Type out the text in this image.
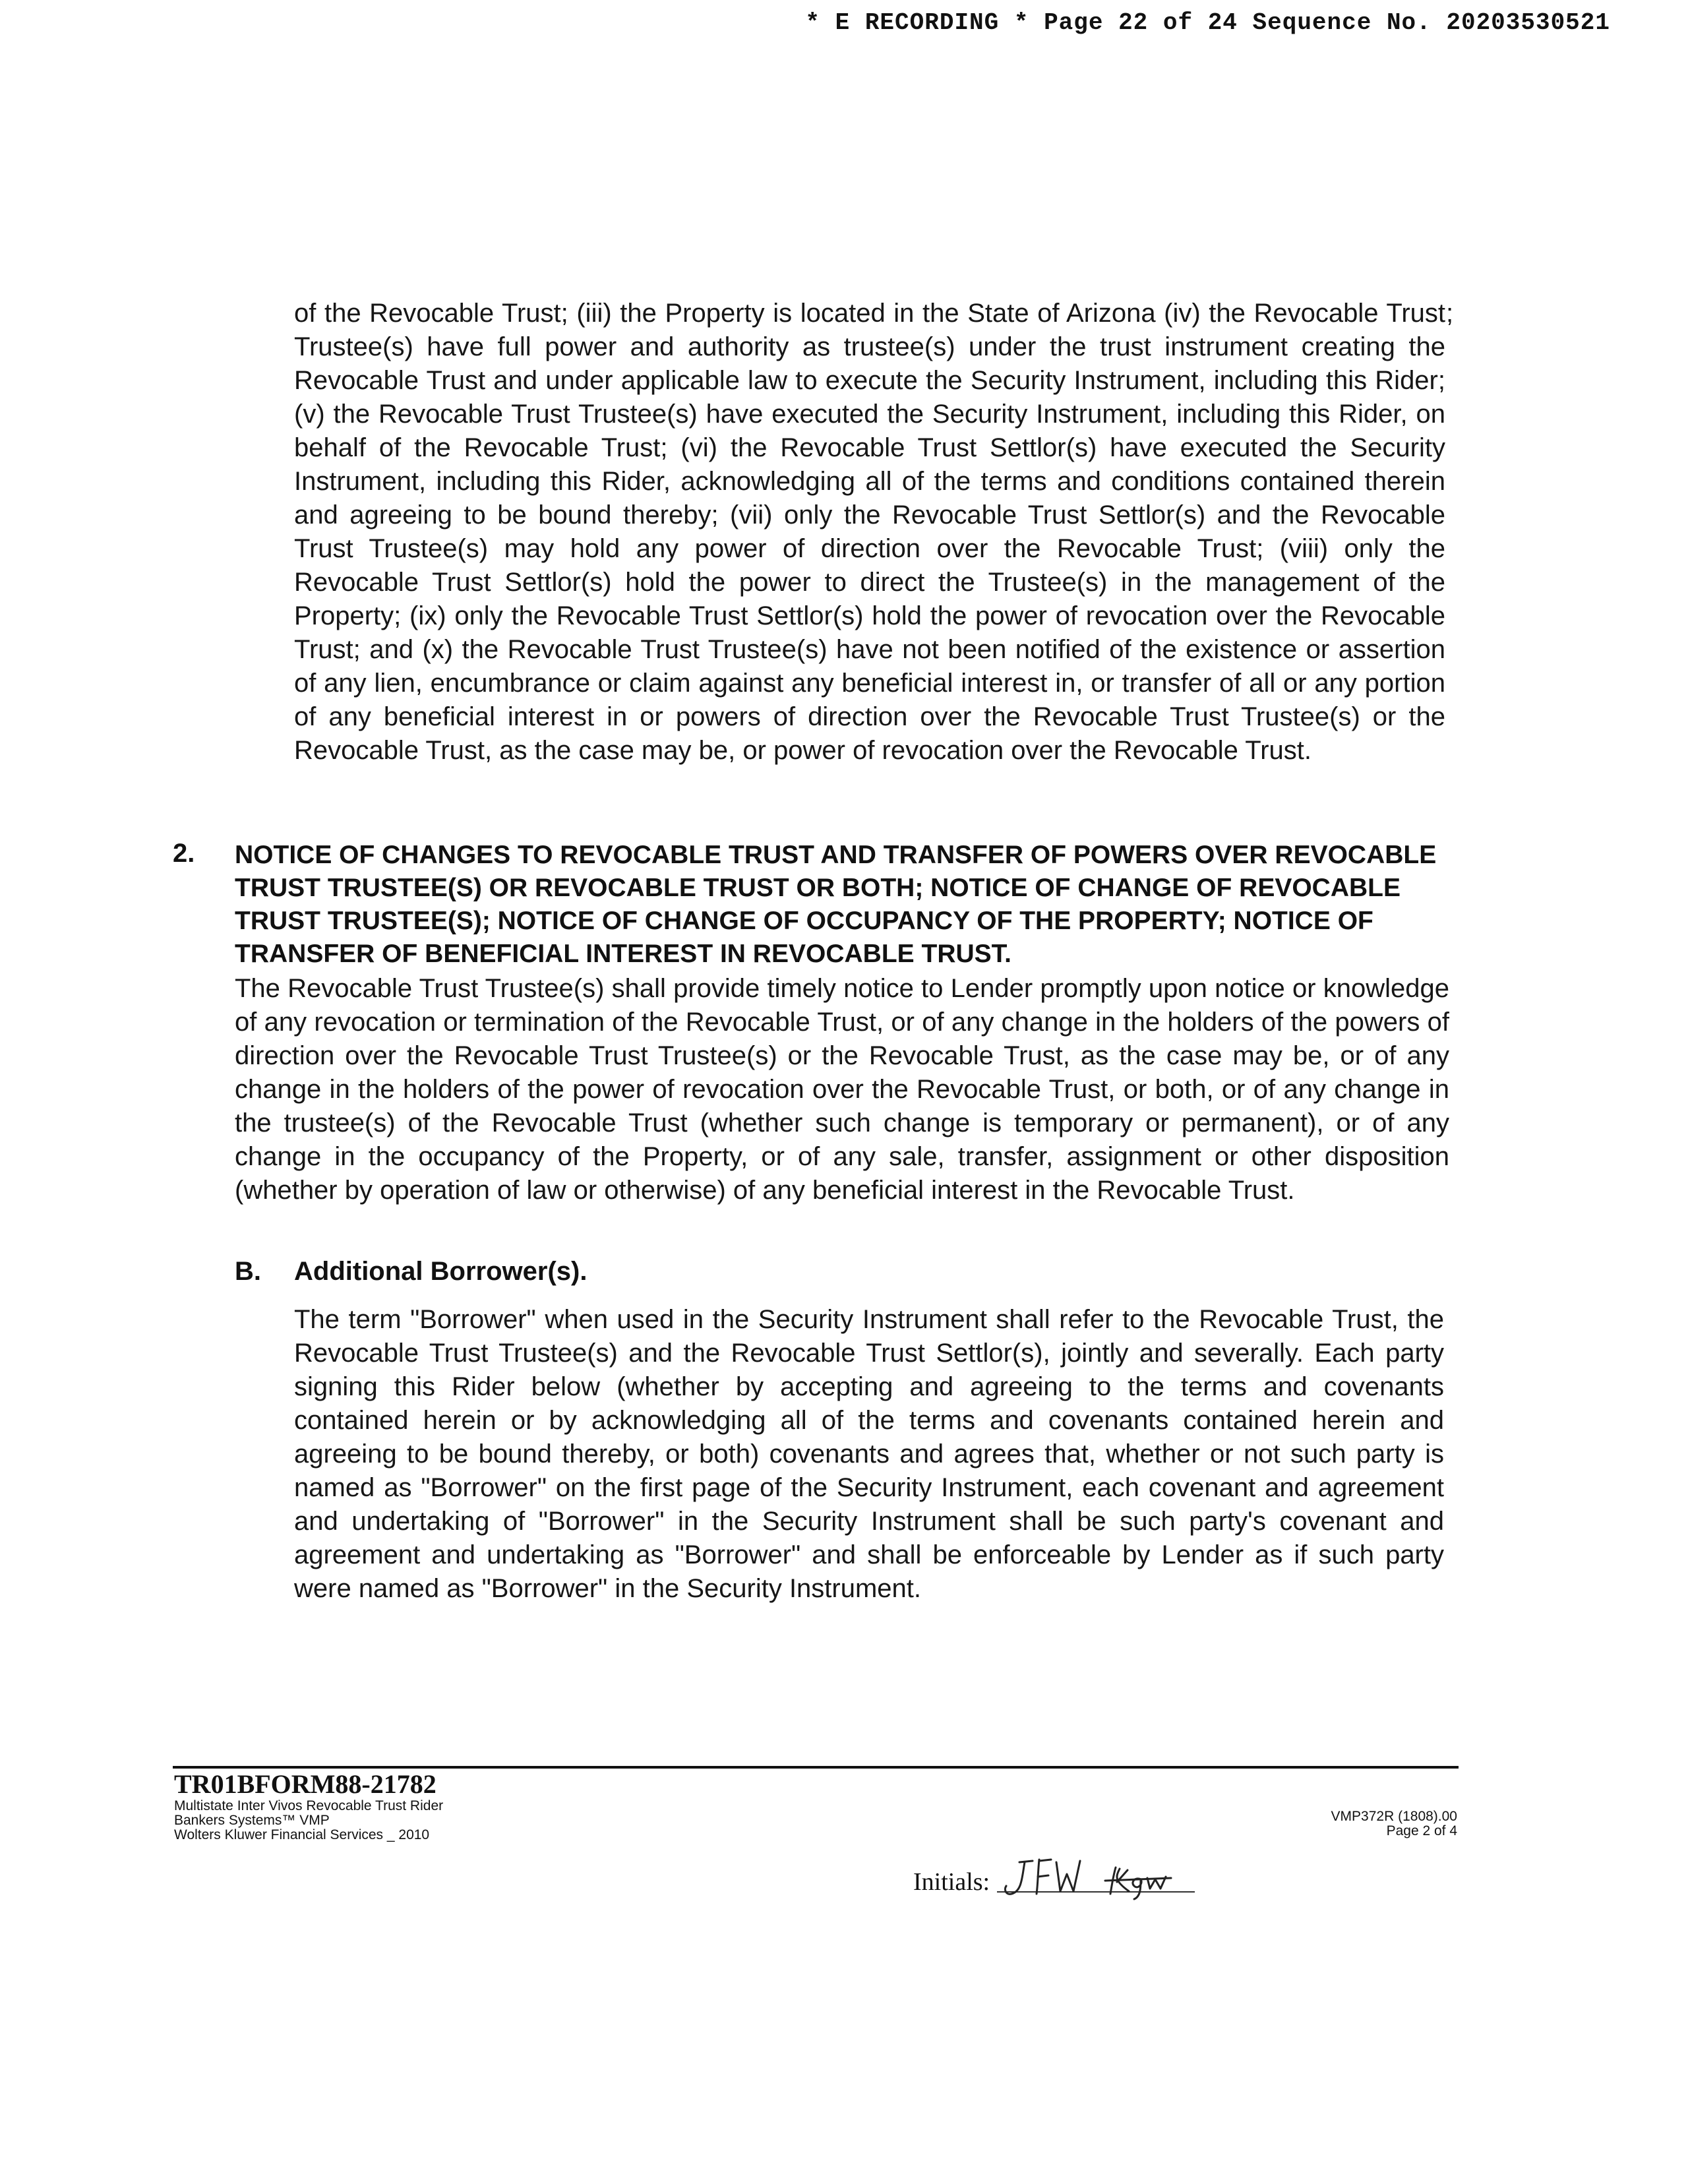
* E RECORDING * Page 22 of 24 Sequence No. 20203530521
of the Revocable Trust; (iii) the Property is located in the State of Arizona (iv) the Revocable Trust Trustee(s) have full power and authority as trustee(s) under the trust instrument creating the Revocable Trust and under applicable law to execute the Security Instrument, including this Rider; (v) the Revocable Trust Trustee(s) have executed the Security Instrument, including this Rider, on behalf of the Revocable Trust; (vi) the Revocable Trust Settlor(s) have executed the Security Instrument, including this Rider, acknowledging all of the terms and conditions contained therein and agreeing to be bound thereby; (vii) only the Revocable Trust Settlor(s) and the Revocable Trust Trustee(s) may hold any power of direction over the Revocable Trust; (viii) only the Revocable Trust Settlor(s) hold the power to direct the Trustee(s) in the management of the Property; (ix) only the Revocable Trust Settlor(s) hold the power of revocation over the Revocable Trust; and (x) the Revocable Trust Trustee(s) have not been notified of the existence or assertion of any lien, encumbrance or claim against any beneficial interest in, or transfer of all or any portion of any beneficial interest in or powers of direction over the Revocable Trust Trustee(s) or the Revocable Trust, as the case may be, or power of revocation over the Revocable Trust.
;
2. NOTICE OF CHANGES TO REVOCABLE TRUST AND TRANSFER OF POWERS OVER REVOCABLE TRUST TRUSTEE(S) OR REVOCABLE TRUST OR BOTH; NOTICE OF CHANGE OF REVOCABLE TRUST TRUSTEE(S); NOTICE OF CHANGE OF OCCUPANCY OF THE PROPERTY; NOTICE OF TRANSFER OF BENEFICIAL INTEREST IN REVOCABLE TRUST.
The Revocable Trust Trustee(s) shall provide timely notice to Lender promptly upon notice or knowledge of any revocation or termination of the Revocable Trust, or of any change in the holders of the powers of direction over the Revocable Trust Trustee(s) or the Revocable Trust, as the case may be, or of any change in the holders of the power of revocation over the Revocable Trust, or both, or of any change in the trustee(s) of the Revocable Trust (whether such change is temporary or permanent), or of any change in the occupancy of the Property, or of any sale, transfer, assignment or other disposition (whether by operation of law or otherwise) of any beneficial interest in the Revocable Trust.
B. Additional Borrower(s).
The term "Borrower" when used in the Security Instrument shall refer to the Revocable Trust, the Revocable Trust Trustee(s) and the Revocable Trust Settlor(s), jointly and severally. Each party signing this Rider below (whether by accepting and agreeing to the terms and covenants contained herein or by acknowledging all of the terms and covenants contained herein and agreeing to be bound thereby, or both) covenants and agrees that, whether or not such party is named as "Borrower" on the first page of the Security Instrument, each covenant and agreement and undertaking of "Borrower" in the Security Instrument shall be such party's covenant and agreement and undertaking as "Borrower" and shall be enforceable by Lender as if such party were named as "Borrower" in the Security Instrument.
TR01BFORM88-21782
Multistate Inter Vivos Revocable Trust Rider
Bankers Systems™ VMP
Wolters Kluwer Financial Services _ 2010
VMP372R (1808).00
Page 2 of 4
Initials:
